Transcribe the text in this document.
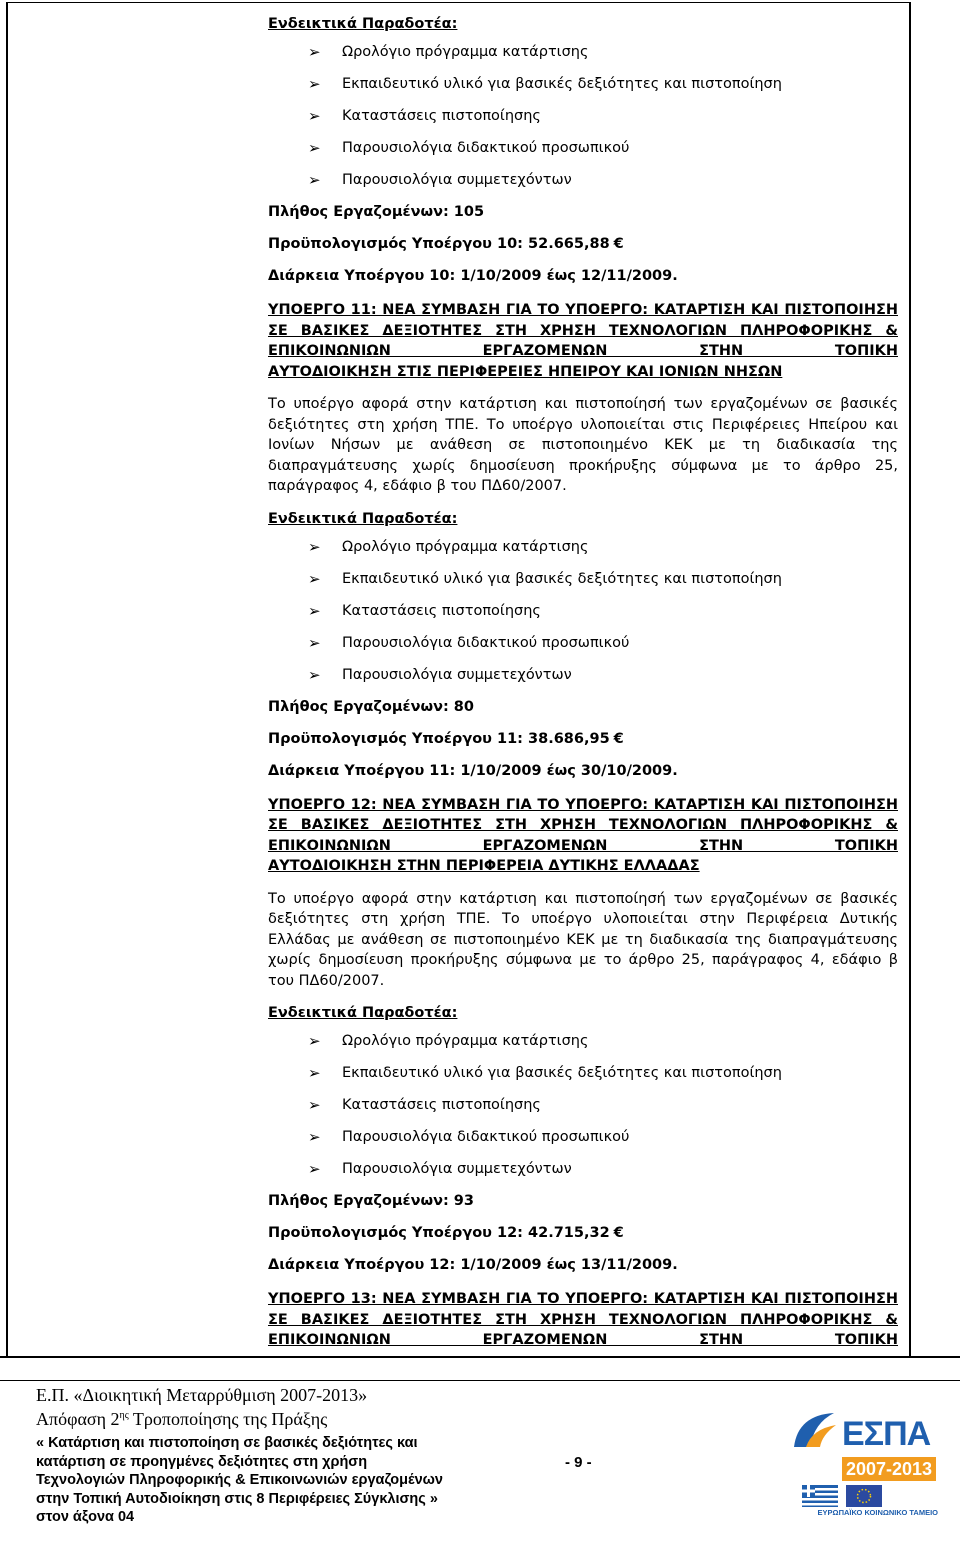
Ενδεικτικά Παραδοτέα:
➢	Ωρολόγιο πρόγραμμα κατάρτισης
➢	Εκπαιδευτικό υλικό για βασικές δεξιότητες και πιστοποίηση
➢	Καταστάσεις πιστοποίησης
➢	Παρουσιολόγια διδακτικού προσωπικού
➢	Παρουσιολόγια συμμετεχόντων
Πλήθος Εργαζομένων: 105
Προϋπολογισμός Υποέργου 10: 52.665,88 €
Διάρκεια Υποέργου 10: 1/10/2009 έως 12/11/2009.
ΥΠΟΕΡΓΟ 11: ΝΕΑ ΣΥΜΒΑΣΗ ΓΙΑ ΤΟ ΥΠΟΕΡΓΟ: ΚΑΤΑΡΤΙΣΗ ΚΑΙ ΠΙΣΤΟΠΟΙΗΣΗ ΣΕ ΒΑΣΙΚΕΣ ΔΕΞΙΟΤΗΤΕΣ ΣΤΗ ΧΡΗΣΗ ΤΕΧΝΟΛΟΓΙΩΝ ΠΛΗΡΟΦΟΡΙΚΗΣ & ΕΠΙΚΟΙΝΩΝΙΩΝ ΕΡΓΑΖΟΜΕΝΩΝ ΣΤΗΝ ΤΟΠΙΚΗ
ΑΥΤΟΔΙΟΙΚΗΣΗ ΣΤΙΣ ΠΕΡΙΦΕΡΕΙΕΣ ΗΠΕΙΡΟΥ ΚΑΙ ΙΟΝΙΩΝ ΝΗΣΩΝ
Το υποέργο αφορά στην κατάρτιση και πιστοποίησή των εργαζομένων σε βασικές δεξιότητες στη χρήση ΤΠΕ. Το υποέργο υλοποιείται στις Περιφέρειες Ηπείρου και Ιονίων Νήσων με ανάθεση σε πιστοποιημένο ΚΕΚ με τη διαδικασία της διαπραγμάτευσης χωρίς δημοσίευση προκήρυξης σύμφωνα με το άρθρο 25, παράγραφος 4, εδάφιο β του ΠΔ60/2007.
Ενδεικτικά Παραδοτέα:
➢	Ωρολόγιο πρόγραμμα κατάρτισης
➢	Εκπαιδευτικό υλικό για βασικές δεξιότητες και πιστοποίηση
➢	Καταστάσεις πιστοποίησης
➢	Παρουσιολόγια διδακτικού προσωπικού
➢	Παρουσιολόγια συμμετεχόντων
Πλήθος Εργαζομένων: 80
Προϋπολογισμός Υποέργου 11: 38.686,95 €
Διάρκεια Υποέργου 11: 1/10/2009 έως 30/10/2009.
ΥΠΟΕΡΓΟ 12: ΝΕΑ ΣΥΜΒΑΣΗ ΓΙΑ ΤΟ ΥΠΟΕΡΓΟ: ΚΑΤΑΡΤΙΣΗ ΚΑΙ ΠΙΣΤΟΠΟΙΗΣΗ ΣΕ ΒΑΣΙΚΕΣ ΔΕΞΙΟΤΗΤΕΣ ΣΤΗ ΧΡΗΣΗ ΤΕΧΝΟΛΟΓΙΩΝ ΠΛΗΡΟΦΟΡΙΚΗΣ & ΕΠΙΚΟΙΝΩΝΙΩΝ ΕΡΓΑΖΟΜΕΝΩΝ ΣΤΗΝ ΤΟΠΙΚΗ
ΑΥΤΟΔΙΟΙΚΗΣΗ ΣΤΗΝ ΠΕΡΙΦΕΡΕΙΑ ΔΥΤΙΚΗΣ ΕΛΛΑΔΑΣ
Το υποέργο αφορά στην κατάρτιση και πιστοποίησή των εργαζομένων σε βασικές δεξιότητες στη χρήση ΤΠΕ. Το υποέργο υλοποιείται στην Περιφέρεια Δυτικής Ελλάδας με ανάθεση σε πιστοποιημένο ΚΕΚ με τη διαδικασία της διαπραγμάτευσης χωρίς δημοσίευση προκήρυξης σύμφωνα με το άρθρο 25, παράγραφος 4, εδάφιο β του ΠΔ60/2007.
Ενδεικτικά Παραδοτέα:
➢	Ωρολόγιο πρόγραμμα κατάρτισης
➢	Εκπαιδευτικό υλικό για βασικές δεξιότητες και πιστοποίηση
➢	Καταστάσεις πιστοποίησης
➢	Παρουσιολόγια διδακτικού προσωπικού
➢	Παρουσιολόγια συμμετεχόντων
Πλήθος Εργαζομένων: 93
Προϋπολογισμός Υποέργου 12: 42.715,32 €
Διάρκεια Υποέργου 12: 1/10/2009 έως 13/11/2009.
ΥΠΟΕΡΓΟ 13: ΝΕΑ ΣΥΜΒΑΣΗ ΓΙΑ ΤΟ ΥΠΟΕΡΓΟ: ΚΑΤΑΡΤΙΣΗ ΚΑΙ ΠΙΣΤΟΠΟΙΗΣΗ ΣΕ ΒΑΣΙΚΕΣ ΔΕΞΙΟΤΗΤΕΣ ΣΤΗ ΧΡΗΣΗ ΤΕΧΝΟΛΟΓΙΩΝ ΠΛΗΡΟΦΟΡΙΚΗΣ & ΕΠΙΚΟΙΝΩΝΙΩΝ ΕΡΓΑΖΟΜΕΝΩΝ ΣΤΗΝ ΤΟΠΙΚΗ
Ε.Π. «Διοικητική Μεταρρύθμιση 2007-2013»
Απόφαση $2^{\eta\varsigma}$ Τροποποίησης της Πράξης
« Κατάρτιση και πιστοποίηση σε βασικές δεξιότητες και κατάρτιση σε προηγμένες δεξιότητες στη χρήση Τεχνολογιών Πληροφορικής & Επικοινωνιών εργαζομένων στην Τοπική Αυτοδιοίκηση στις 8 Περιφέρειες Σύγκλισης » στον άξονα 04
- 9 -
ΕΣΠΑ
2007-2013
ΕΥΡΩΠΑΪΚΟ ΚΟΙΝΩΝΙΚΟ ΤΑΜΕΙΟ
